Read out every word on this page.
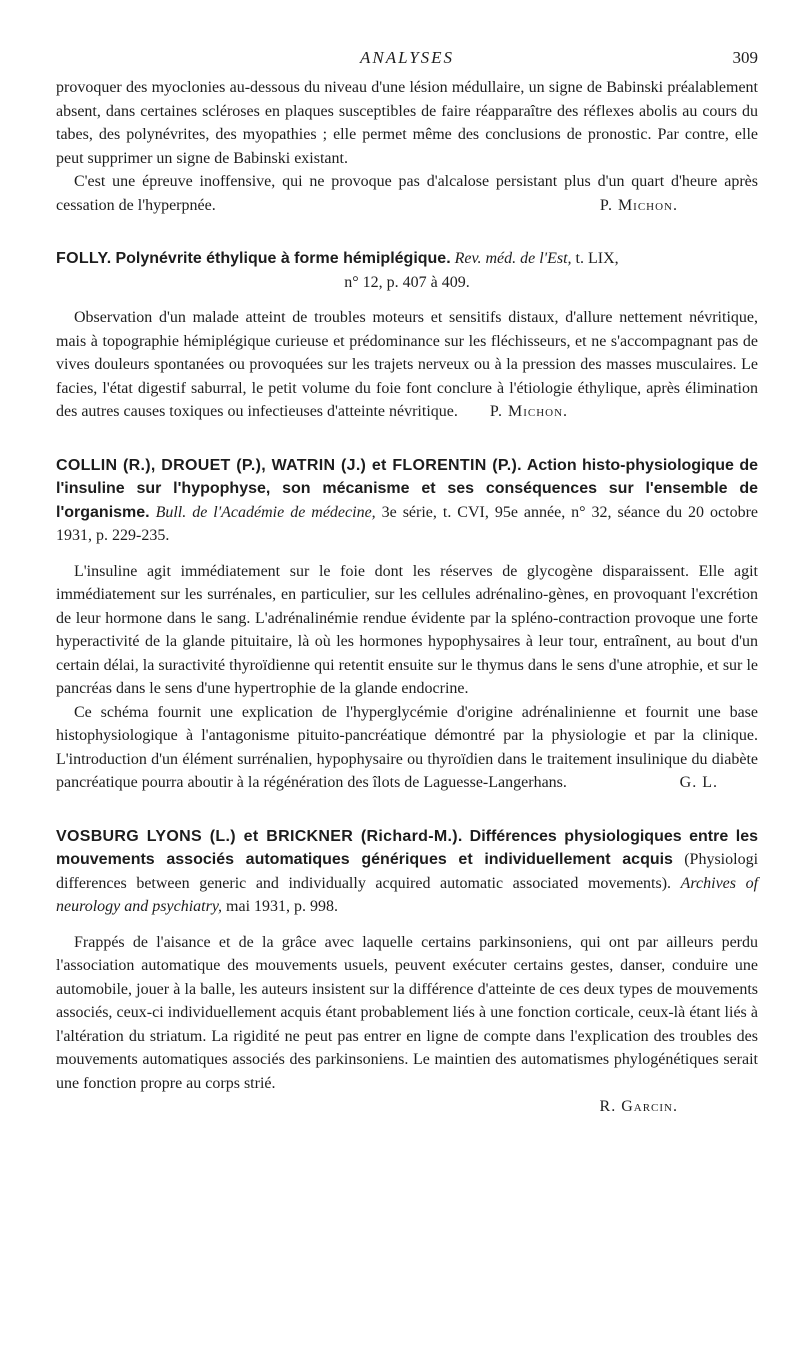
ANALYSES	309

provoquer des myoclonies au-dessous du niveau d'une lésion médullaire, un signe de Babinski préalablement absent, dans certaines scléroses en plaques susceptibles de faire réapparaître des réflexes abolis au cours du tabes, des polynévrites, des myopathies ; elle permet même des conclusions de pronostic. Par contre, elle peut supprimer un signe de Babinski existant.

C'est une épreuve inoffensive, qui ne provoque pas d'alcalose persistant plus d'un quart d'heure après cessation de l'hyperpnée.	P. Michon.

FOLLY. Polynévrite éthylique à forme hémiplégique. Rev. méd. de l'Est, t. LIX,
n° 12, p. 407 à 409.

Observation d'un malade atteint de troubles moteurs et sensitifs distaux, d'allure nettement névritique, mais à topographie hémiplégique curieuse et prédominance sur les fléchisseurs, et ne s'accompagnant pas de vives douleurs spontanées ou provoquées sur les trajets nerveux ou à la pression des masses musculaires. Le facies, l'état digestif saburral, le petit volume du foie font conclure à l'étiologie éthylique, après élimination des autres causes toxiques ou infectieuses d'atteinte névritique. P. Michon.

COLLIN (R.), DROUET (P.), WATRIN (J.) et FLORENTIN (P.). Action histo-physiologique de l'insuline sur l'hypophyse, son mécanisme et ses conséquences sur l'ensemble de l'organisme. Bull. de l'Académie de médecine, 3e série, t. CVI, 95e année, n° 32, séance du 20 octobre 1931, p. 229-235.

L'insuline agit immédiatement sur le foie dont les réserves de glycogène disparaissent. Elle agit immédiatement sur les surrénales, en particulier, sur les cellules adrénalino-gènes, en provoquant l'excrétion de leur hormone dans le sang. L'adrénalinémie rendue évidente par la spléno-contraction provoque une forte hyperactivité de la glande pituitaire, là où les hormones hypophysaires à leur tour, entraînent, au bout d'un certain délai, la suractivité thyroïdienne qui retentit ensuite sur le thymus dans le sens d'une atrophie, et sur le pancréas dans le sens d'une hypertrophie de la glande endocrine.

Ce schéma fournit une explication de l'hyperglycémie d'origine adrénalinienne et fournit une base histophysiologique à l'antagonisme pituito-pancréatique démontré par la physiologie et par la clinique. L'introduction d'un élément surrénalien, hypophysaire ou thyroïdien dans le traitement insulinique du diabète pancréatique pourra aboutir à la régénération des îlots de Laguesse-Langerhans.	G. L.

VOSBURG LYONS (L.) et BRICKNER (Richard-M.). Différences physiologiques entre les mouvements associés automatiques génériques et individuellement acquis (Physiologi differences between generic and individually acquired automatic associated movements). Archives of neurology and psychiatry, mai 1931, p. 998.

Frappés de l'aisance et de la grâce avec laquelle certains parkinsoniens, qui ont par ailleurs perdu l'association automatique des mouvements usuels, peuvent exécuter certains gestes, danser, conduire une automobile, jouer à la balle, les auteurs insistent sur la différence d'atteinte de ces deux types de mouvements associés, ceux-ci individuellement acquis étant probablement liés à une fonction corticale, ceux-là étant liés à l'altération du striatum. La rigidité ne peut pas entrer en ligne de compte dans l'explication des troubles des mouvements automatiques associés des parkinsoniens. Le maintien des automatismes phylogénétiques serait une fonction propre au corps strié.

R. Garcin.
